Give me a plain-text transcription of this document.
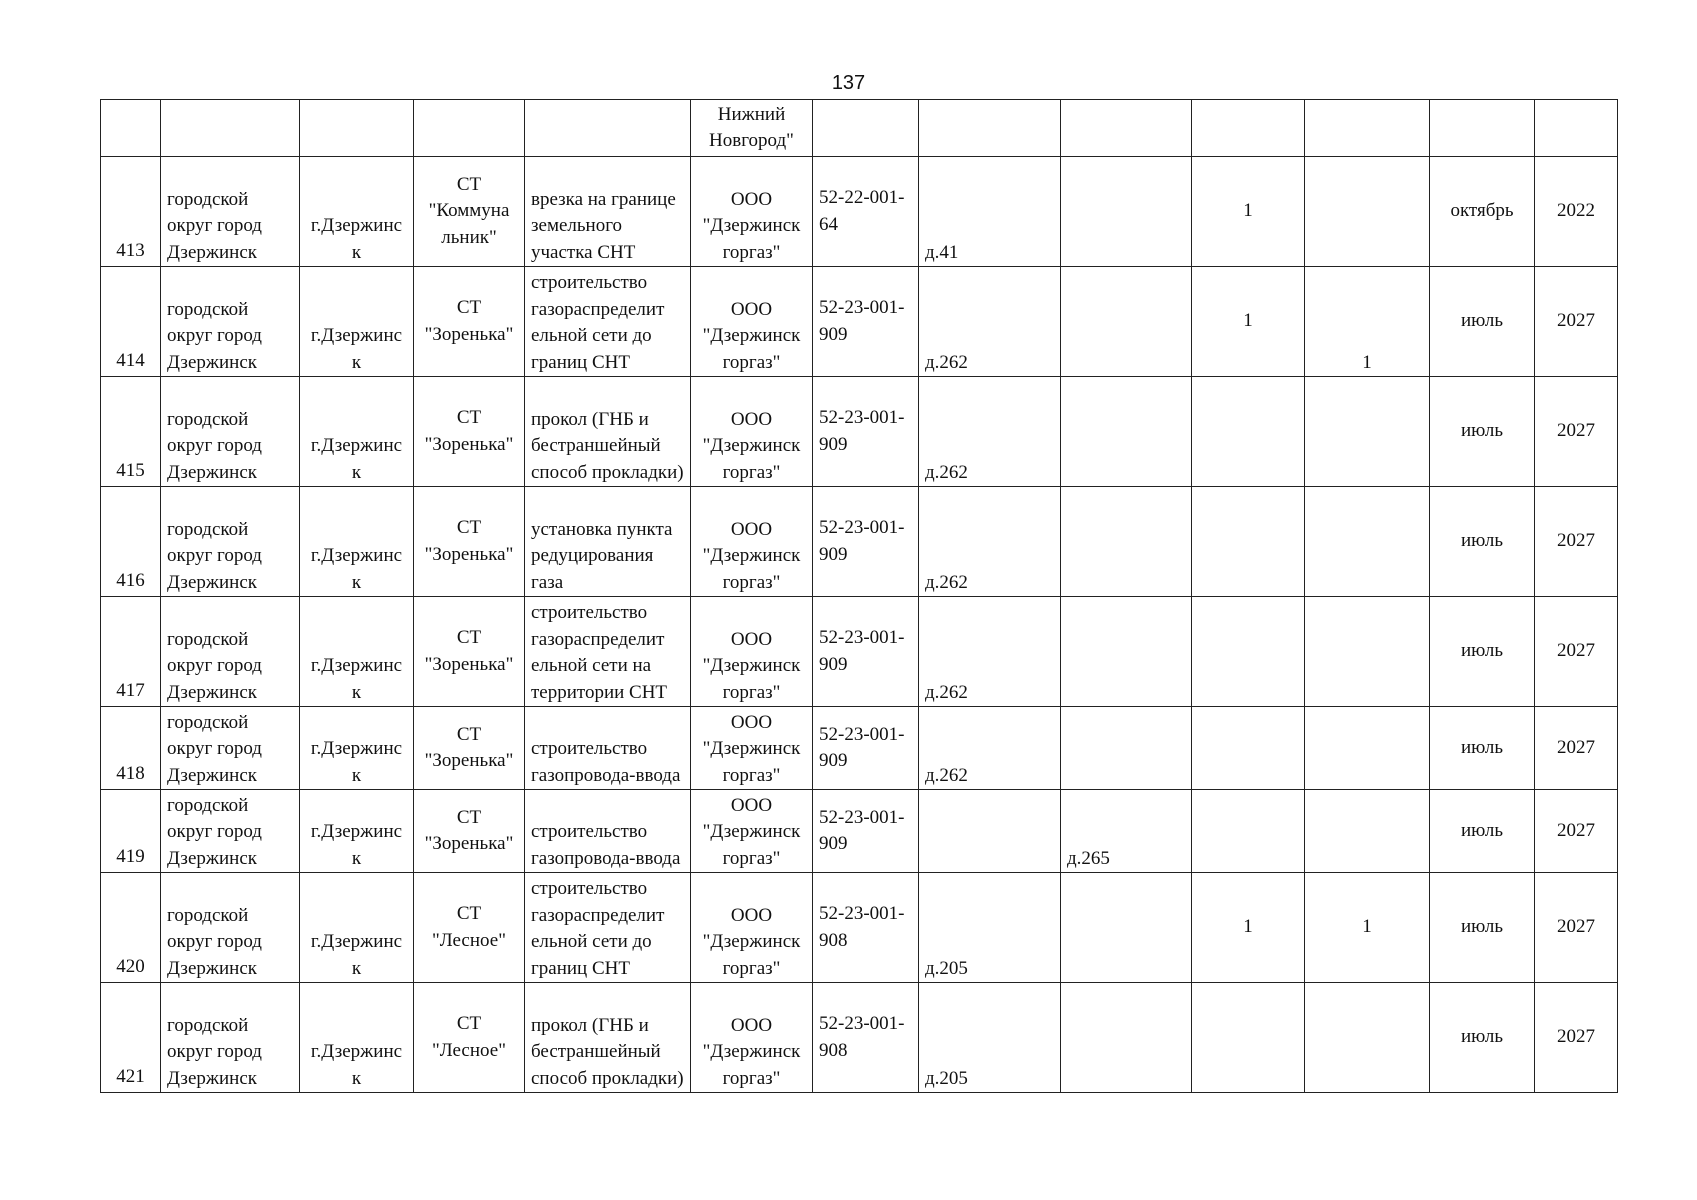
137
					Нижний Новгород"							
413	городской округ город Дзержинск	г.Дзержинс к	СТ "Коммуна льник"	врезка на границе земельного участка СНТ	ООО "Дзержинск горгаз"	52-22-001-64	д.41		1		октябрь	2022
414	городской округ город Дзержинск	г.Дзержинс к	СТ "Зоренька"	строительство газораспределит ельной сети до границ СНТ	ООО "Дзержинск горгаз"	52-23-001-909	д.262		1	1	июль	2027
415	городской округ город Дзержинск	г.Дзержинс к	СТ "Зоренька"	прокол (ГНБ и бестраншейный способ прокладки)	ООО "Дзержинск горгаз"	52-23-001-909	д.262				июль	2027
416	городской округ город Дзержинск	г.Дзержинс к	СТ "Зоренька"	установка пункта редуцирования газа	ООО "Дзержинск горгаз"	52-23-001-909	д.262				июль	2027
417	городской округ город Дзержинск	г.Дзержинс к	СТ "Зоренька"	строительство газораспределит ельной сети на территории СНТ	ООО "Дзержинск горгаз"	52-23-001-909	д.262				июль	2027
418	городской округ город Дзержинск	г.Дзержинс к	СТ "Зоренька"	строительство газопровода-ввода	ООО "Дзержинск горгаз"	52-23-001-909	д.262				июль	2027
419	городской округ город Дзержинск	г.Дзержинс к	СТ "Зоренька"	строительство газопровода-ввода	ООО "Дзержинск горгаз"	52-23-001-909		д.265			июль	2027
420	городской округ город Дзержинск	г.Дзержинс к	СТ "Лесное"	строительство газораспределит ельной сети до границ СНТ	ООО "Дзержинск горгаз"	52-23-001-908	д.205		1	1	июль	2027
421	городской округ город Дзержинск	г.Дзержинс к	СТ "Лесное"	прокол (ГНБ и бестраншейный способ прокладки)	ООО "Дзержинск горгаз"	52-23-001-908	д.205				июль	2027
